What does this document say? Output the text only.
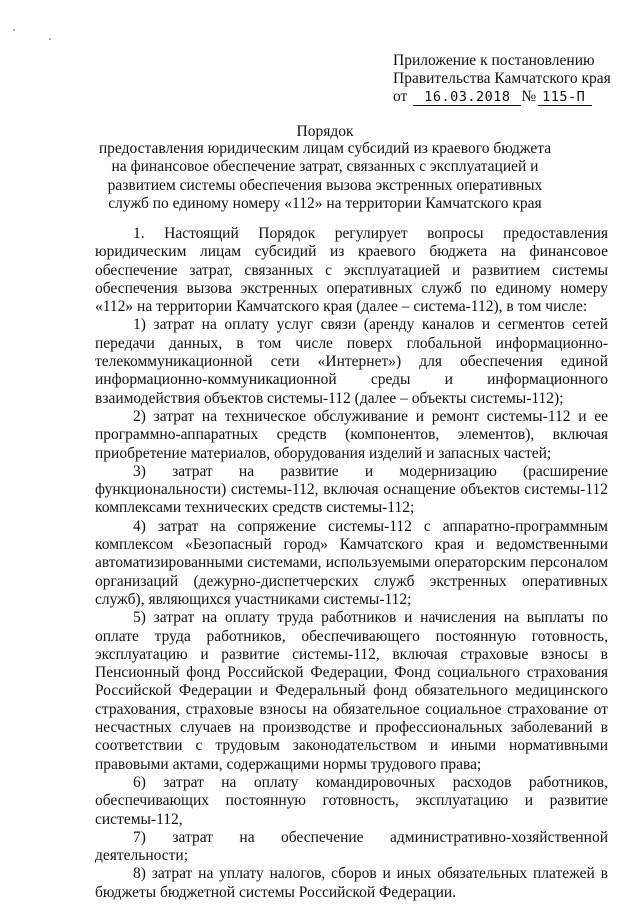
Приложение к постановлению
Правительства Камчатского края
от	16.03.2018 № 115-П
Порядок
предоставления юридическим лицам субсидий из краевого бюджета на финансовое обеспечение затрат, связанных с эксплуатацией и развитием системы обеспечения вызова экстренных оперативных служб по единому номеру «112» на территории Камчатского края

1. Настоящий Порядок регулирует вопросы предоставления юридическим лицам субсидий из краевого бюджета на финансовое обеспечение затрат, связанных с эксплуатацией и развитием системы обеспечения вызова экстренных оперативных служб по единому номеру «112» на территории Камчатского края (далее – система-112), в том числе:

1) затрат на оплату услуг связи (аренду каналов и сегментов сетей передачи данных, в том числе поверх глобальной информационно-телекоммуникационной сети «Интернет») для обеспечения единой информационно-коммуникационной среды и информационного взаимодействия объектов системы-112 (далее – объекты системы-112);

2) затрат на техническое обслуживание и ремонт системы-112 и ее программно-аппаратных средств (компонентов, элементов), включая приобретение материалов, оборудования изделий и запасных частей;

3) затрат на развитие и модернизацию (расширение функциональности) системы-112, включая оснащение объектов системы-112 комплексами технических средств системы-112;

4) затрат на сопряжение системы-112 с аппаратно-программным комплексом «Безопасный город» Камчатского края и ведомственными автоматизированными системами, используемыми операторским персоналом организаций (дежурно-диспетчерских служб экстренных оперативных служб), являющихся участниками системы-112;

5) затрат на оплату труда работников и начисления на выплаты по оплате труда работников, обеспечивающего постоянную готовность, эксплуатацию и развитие системы-112, включая страховые взносы в Пенсионный фонд Российской Федерации, Фонд социального страхования Российской Федерации и Федеральный фонд обязательного медицинского страхования, страховые взносы на обязательное социальное страхование от несчастных случаев на производстве и профессиональных заболеваний в соответствии с трудовым законодательством и иными нормативными правовыми актами, содержащими нормы трудового права;

6) затрат на оплату командировочных расходов работников, обеспечивающих постоянную готовность, эксплуатацию и развитие системы-112,

7) затрат на обеспечение административно-хозяйственной деятельности;

8) затрат на уплату налогов, сборов и иных обязательных платежей в бюджеты бюджетной системы Российской Федерации.
